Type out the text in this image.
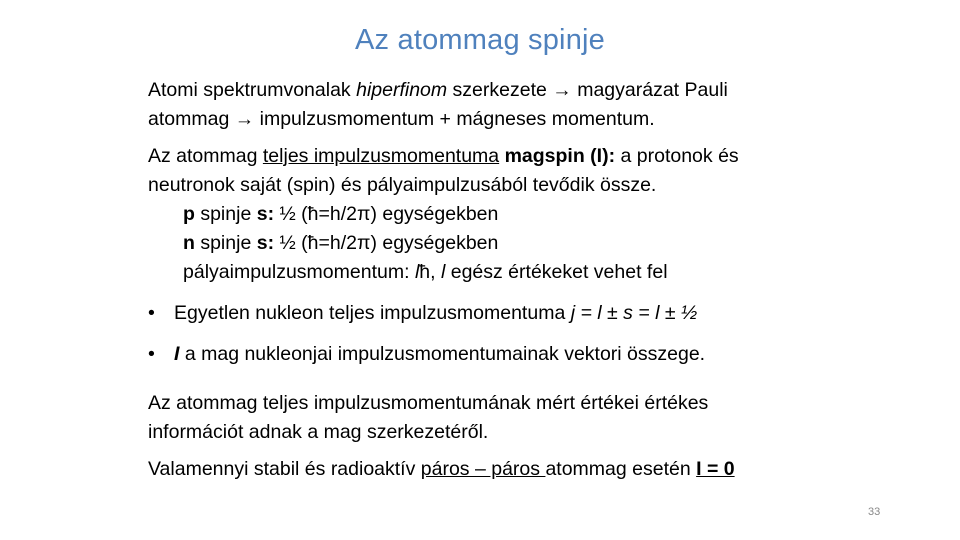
Az atommag spinje

Atomi spektrumvonalak hiperfinom szerkezete → magyarázat Pauli
atommag → impulzusmomentum + mágneses momentum.

Az atommag teljes impulzusmomentuma magspin (I): a protonok és
neutronok saját (spin) és pályaimpulzusából tevődik össze.

p spinje s: ½ (ħ=h/2π) egységekben

n spinje s: ½ (ħ=h/2π) egységekben

pályaimpulzusmomentum: lħ, l egész értékeket vehet fel

• Egyetlen nukleon teljes impulzusmomentuma j = l ± s = l ± ½

• I a mag nukleonjai impulzusmomentumainak vektori összege.

Az atommag teljes impulzusmomentumának mért értékei értékes
információt adnak a mag szerkezetéről.

Valamennyi stabil és radioaktív páros – páros atommag esetén I = 0

33
